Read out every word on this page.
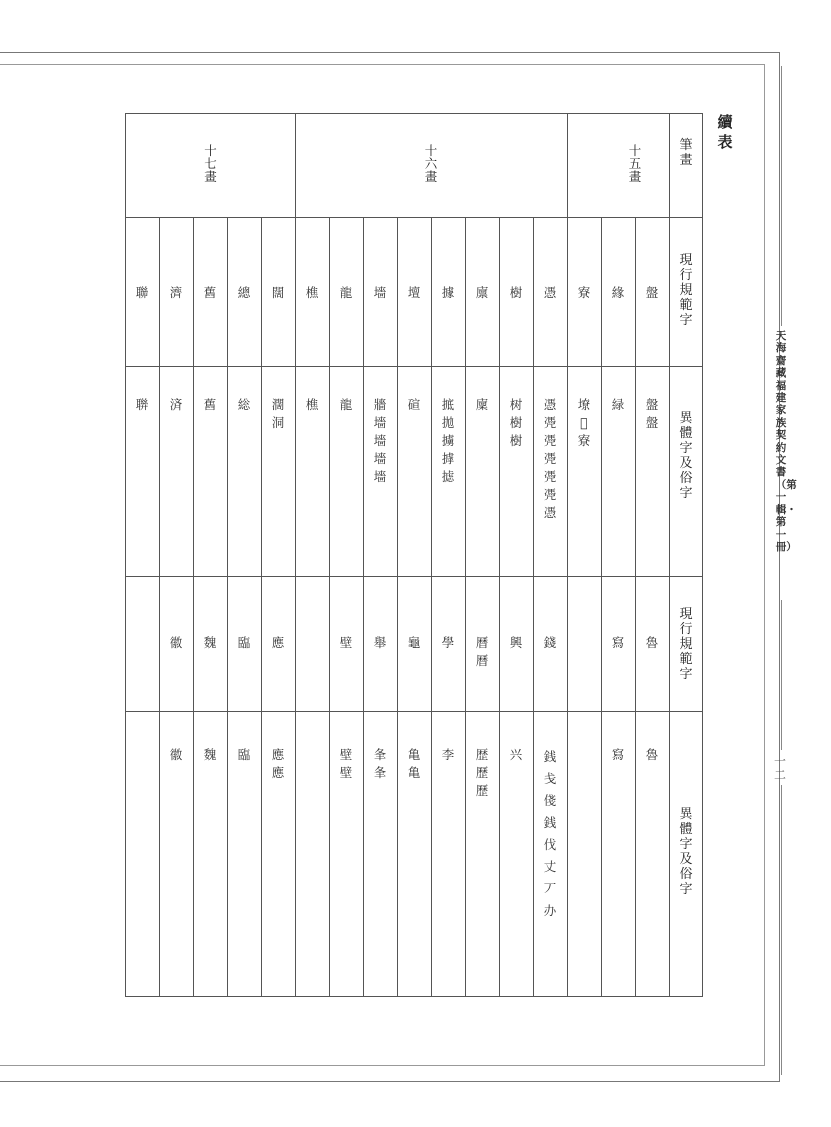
續表
天海齋藏福建家族契約文書（第一輯・第一冊）
一二
筆畫
現行規範字
異體字及俗字
現行規範字
異體字及俗字
十五畫
十六畫
十七畫
盤
盤
盤
魯
魯
緣
緑
寫
寫
寮
㙩
𡩖
寮
憑
憑
凴
凴
凴
凴
凴
憑
錢
銭
戋
俴
銭
伐
丈
丆
办
樹
树
樹
樹
興
兴
廪
廩
曆
曆
歴
歷
歷
據
掋
拋
擄
摢
摅
學
李
壇
碹
龜
亀
亀
墻
牆
墻
墻
墻
墻
舉
夆
夆
龍
龍
壁
壁
壁
樵
樵
闊
濶
洞
應
應
應
總
総
臨
臨
舊
舊
魏
魏
濟
済
徽
徽
聯
聨
